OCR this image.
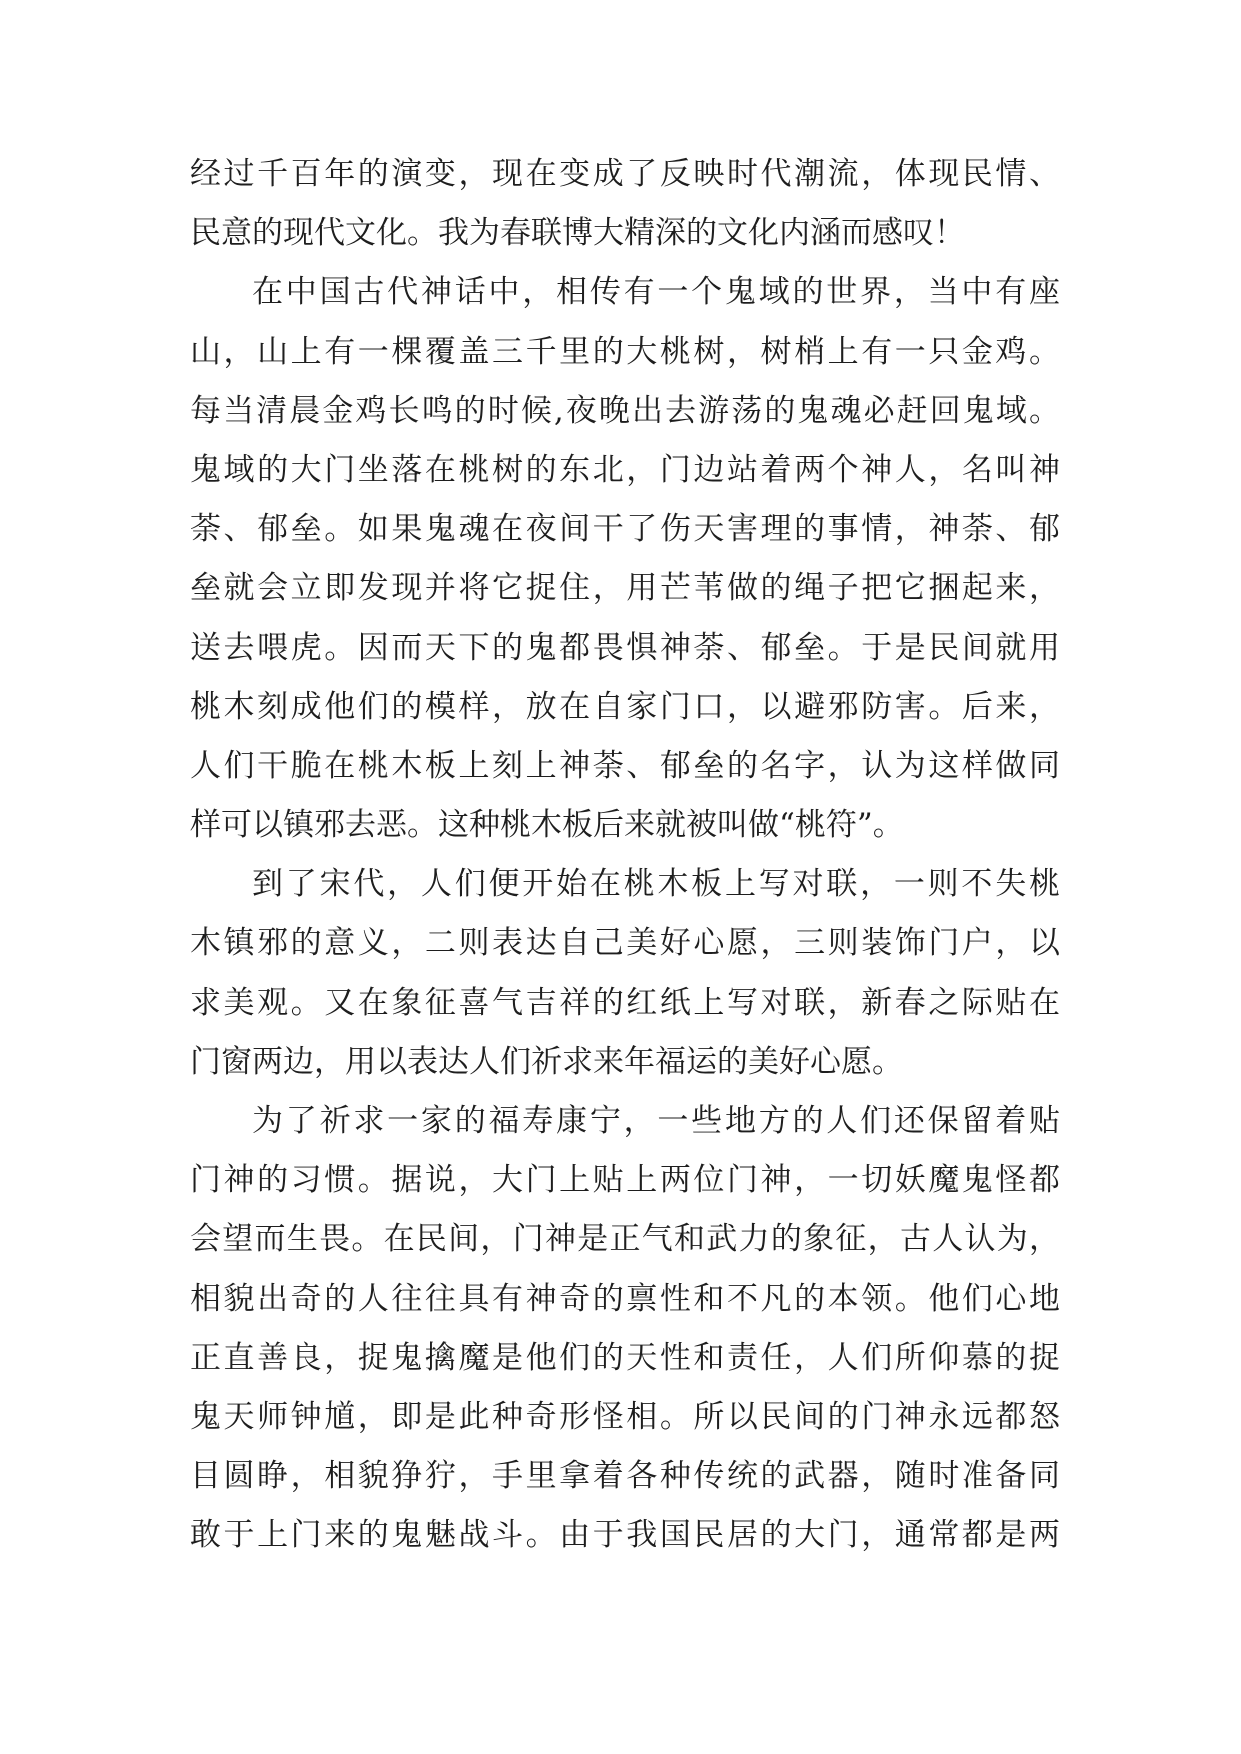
经过千百年的演变，现在变成了反映时代潮流，体现民情、
民意的现代文化。我为春联博大精深的文化内涵而感叹！
在中国古代神话中，相传有一个鬼域的世界，当中有座
山，山上有一棵覆盖三千里的大桃树，树梢上有一只金鸡。
每当清晨金鸡长鸣的时候,夜晚出去游荡的鬼魂必赶回鬼域。
鬼域的大门坐落在桃树的东北，门边站着两个神人，名叫神
荼、郁垒。如果鬼魂在夜间干了伤天害理的事情，神荼、郁
垒就会立即发现并将它捉住，用芒苇做的绳子把它捆起来，
送去喂虎。因而天下的鬼都畏惧神荼、郁垒。于是民间就用
桃木刻成他们的模样，放在自家门口，以避邪防害。后来，
人们干脆在桃木板上刻上神荼、郁垒的名字，认为这样做同
样可以镇邪去恶。这种桃木板后来就被叫做“桃符”。
到了宋代，人们便开始在桃木板上写对联，一则不失桃
木镇邪的意义，二则表达自己美好心愿，三则装饰门户，以
求美观。又在象征喜气吉祥的红纸上写对联，新春之际贴在
门窗两边，用以表达人们祈求来年福运的美好心愿。
为了祈求一家的福寿康宁，一些地方的人们还保留着贴
门神的习惯。据说，大门上贴上两位门神，一切妖魔鬼怪都
会望而生畏。在民间，门神是正气和武力的象征，古人认为，
相貌出奇的人往往具有神奇的禀性和不凡的本领。他们心地
正直善良，捉鬼擒魔是他们的天性和责任，人们所仰慕的捉
鬼天师钟馗，即是此种奇形怪相。所以民间的门神永远都怒
目圆睁，相貌狰狞，手里拿着各种传统的武器，随时准备同
敢于上门来的鬼魅战斗。由于我国民居的大门，通常都是两
